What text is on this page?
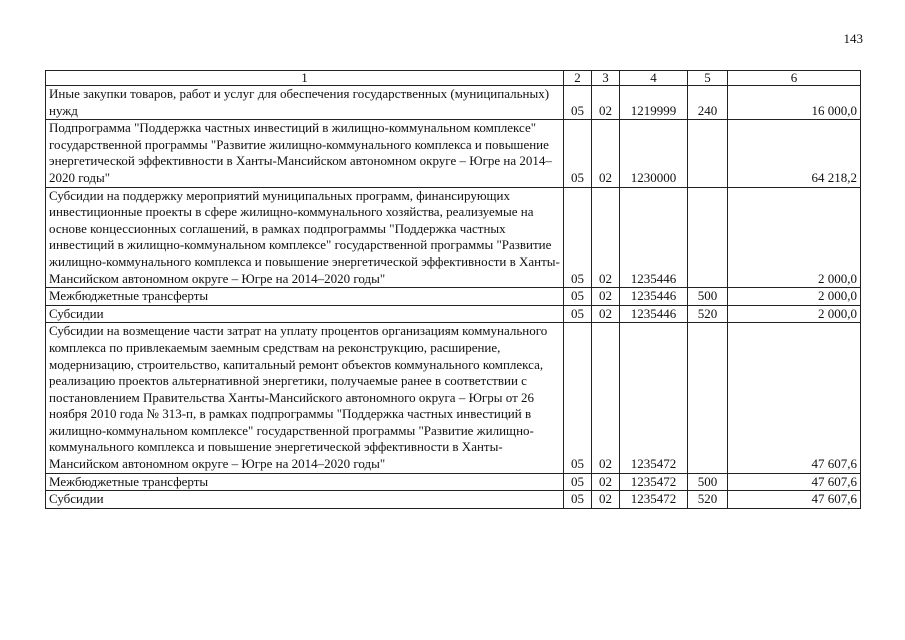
143
1	2	3	4	5	6
Иные закупки товаров, работ и услуг для обеспечения государственных (муниципальных) нужд	05	02	1219999	240	16 000,0
Подпрограмма "Поддержка частных инвестиций в жилищно-коммунальном комплексе" государственной программы "Развитие жилищно-коммунального комплекса и повышение энергетической эффективности в Ханты-Мансийском автономном округе – Югре на 2014–2020 годы"	05	02	1230000		64 218,2
Субсидии на поддержку мероприятий муниципальных программ, финансирующих инвестиционные проекты в сфере жилищно-коммунального хозяйства, реализуемые на основе концессионных соглашений, в рамках подпрограммы "Поддержка частных инвестиций в жилищно-коммунальном комплексе" государственной программы "Развитие жилищно-коммунального комплекса и повышение энергетической эффективности в Ханты-Мансийском автономном округе – Югре на 2014–2020 годы"	05	02	1235446		2 000,0
Межбюджетные трансферты	05	02	1235446	500	2 000,0
Субсидии	05	02	1235446	520	2 000,0
Субсидии на возмещение части затрат на уплату процентов организациям коммунального комплекса по привлекаемым заемным средствам на реконструкцию, расширение, модернизацию, строительство, капитальный ремонт объектов коммунального комплекса, реализацию проектов альтернативной энергетики, получаемые ранее в соответствии с постановлением Правительства Ханты-Мансийского автономного округа – Югры от 26 ноября 2010 года № 313-п, в рамках подпрограммы "Поддержка частных инвестиций в жилищно-коммунальном комплексе" государственной программы "Развитие жилищно-коммунального комплекса и повышение энергетической эффективности в Ханты-Мансийском автономном округе – Югре на 2014–2020 годы"	05	02	1235472		47 607,6
Межбюджетные трансферты	05	02	1235472	500	47 607,6
Субсидии	05	02	1235472	520	47 607,6
